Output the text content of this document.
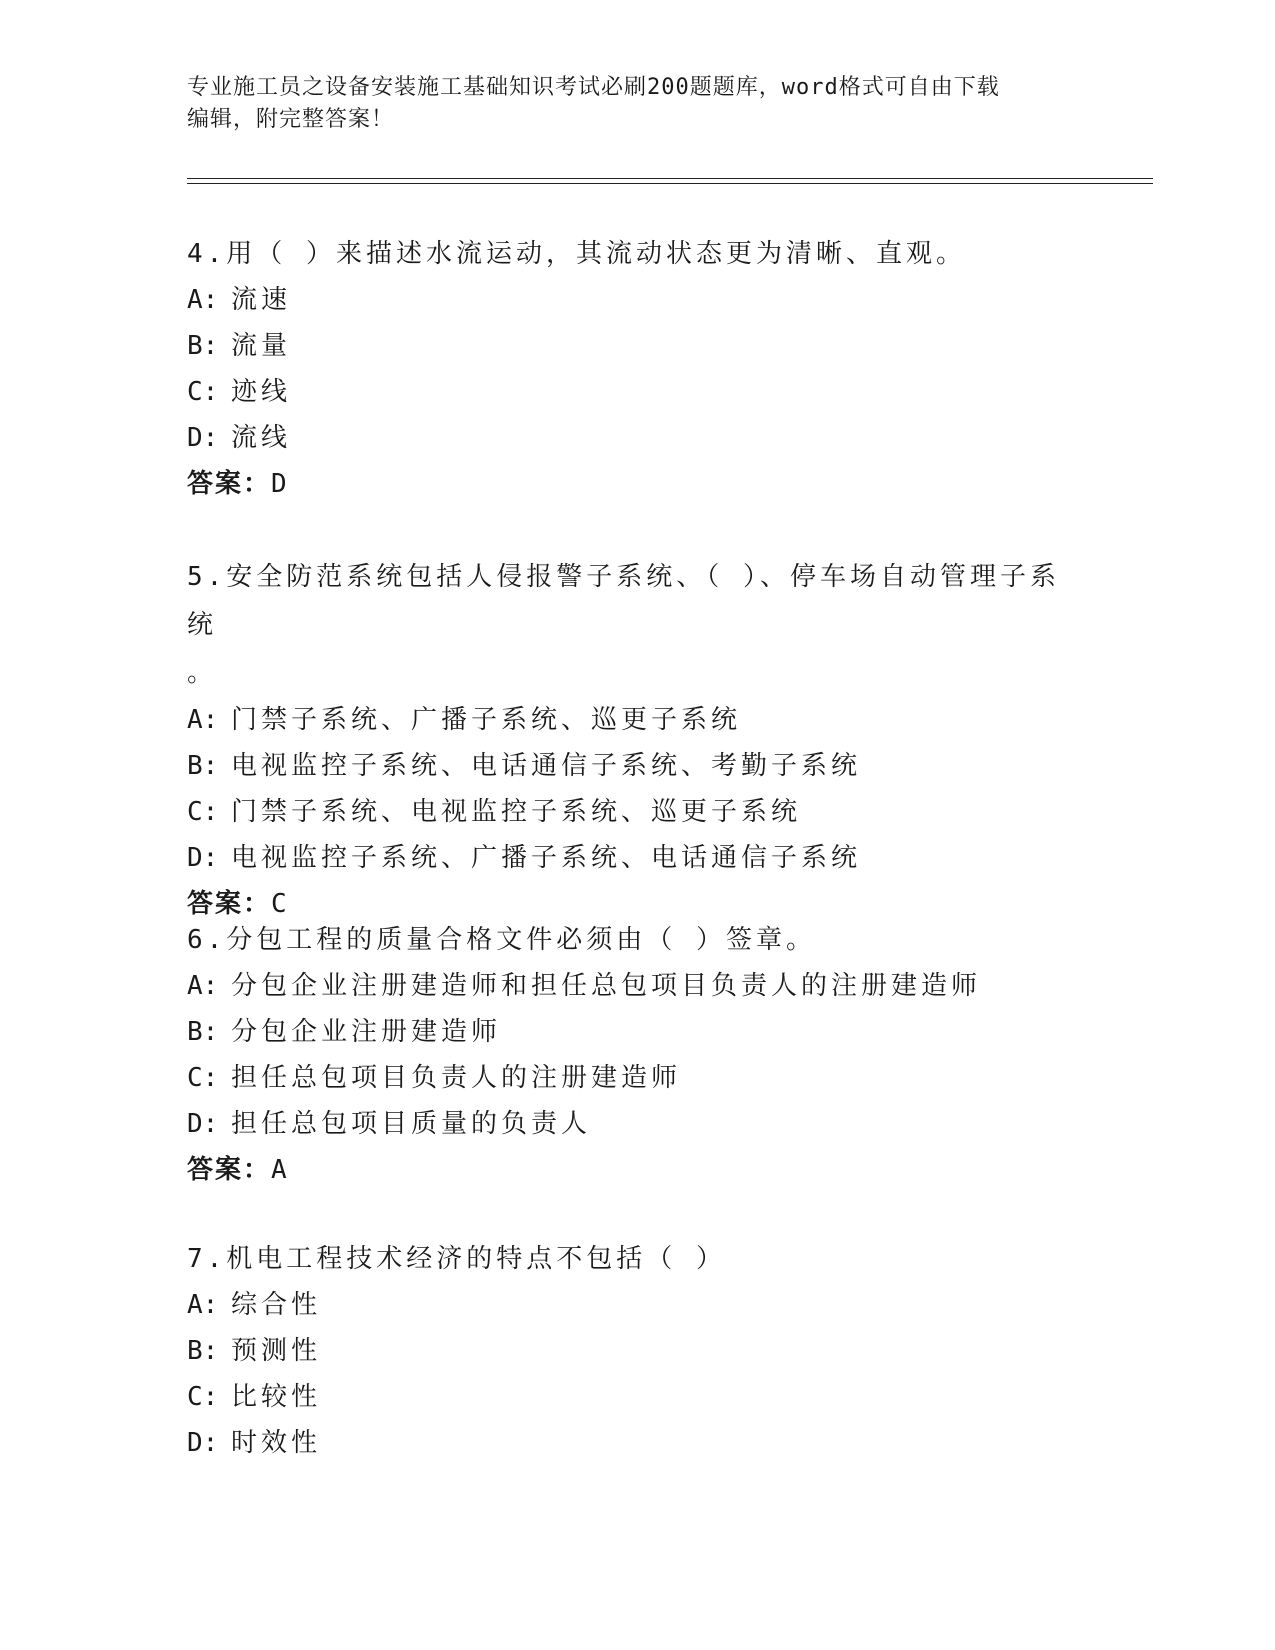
专业施工员之设备安装施工基础知识考试必刷200题题库，word格式可自由下载
编辑，附完整答案！

4.用（ ）来描述水流运动，其流动状态更为清晰、直观。

A: 流速

B: 流量

C: 迹线

D: 流线

答案：D

5.安全防范系统包括人侵报警子系统、（ ）、停车场自动管理子系统

。

A: 门禁子系统、广播子系统、巡更子系统

B: 电视监控子系统、电话通信子系统、考勤子系统

C: 门禁子系统、电视监控子系统、巡更子系统

D: 电视监控子系统、广播子系统、电话通信子系统

答案：C

6.分包工程的质量合格文件必须由（ ）签章。

A: 分包企业注册建造师和担任总包项目负责人的注册建造师

B: 分包企业注册建造师

C: 担任总包项目负责人的注册建造师

D: 担任总包项目质量的负责人

答案：A

7.机电工程技术经济的特点不包括（ ）

A: 综合性

B: 预测性

C: 比较性

D: 时效性
